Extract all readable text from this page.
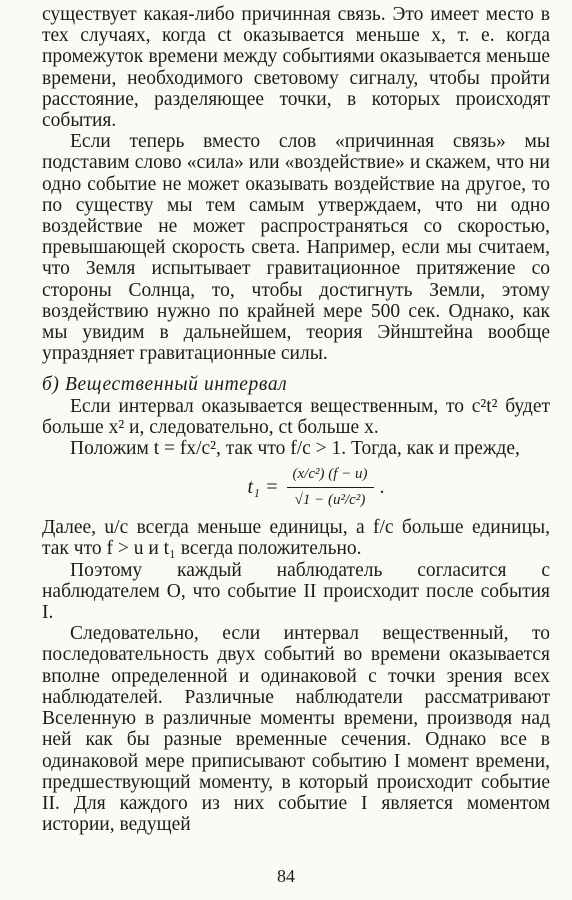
существует какая-либо причинная связь. Это имеет место в тех случаях, когда ct оказывается меньше x, т. е. когда промежуток времени между событиями оказывается меньше времени, необходимого световому сигналу, чтобы пройти расстояние, разделяющее точки, в которых происходят события.

Если теперь вместо слов «причинная связь» мы подставим слово «сила» или «воздействие» и скажем, что ни одно событие не может оказывать воздействие на другое, то по существу мы тем самым утверждаем, что ни одно воздействие не может распространяться со скоростью, превышающей скорость света. Например, если мы считаем, что Земля испытывает гравитационное притяжение со стороны Солнца, то, чтобы достигнуть Земли, этому воздействию нужно по крайней мере 500 сек. Однако, как мы увидим в дальнейшем, теория Эйнштейна вообще упраздняет гравитационные силы.

б) Вещественный интервал

Если интервал оказывается вещественным, то c²t² будет больше x² и, следовательно, ct больше x.

Положим t = fx/c², так что f/c > 1. Тогда, как и прежде,

$t_1 = \frac{\text{(x/c²) (f − u)}}{\text{√1 − (u²/c²)}}$ .

Далее, u/c всегда меньше единицы, а f/c больше единицы, так что f > u и t₁ всегда положительно.

Поэтому каждый наблюдатель согласится с наблюдателем O, что событие II происходит после события I.

Следовательно, если интервал вещественный, то последовательность двух событий во времени оказывается вполне определенной и одинаковой с точки зрения всех наблюдателей. Различные наблюдатели рассматривают Вселенную в различные моменты времени, производя над ней как бы разные временные сечения. Однако все в одинаковой мере приписывают событию I момент времени, предшествующий моменту, в который происходит событие II. Для каждого из них событие I является моментом истории, ведущей

84
